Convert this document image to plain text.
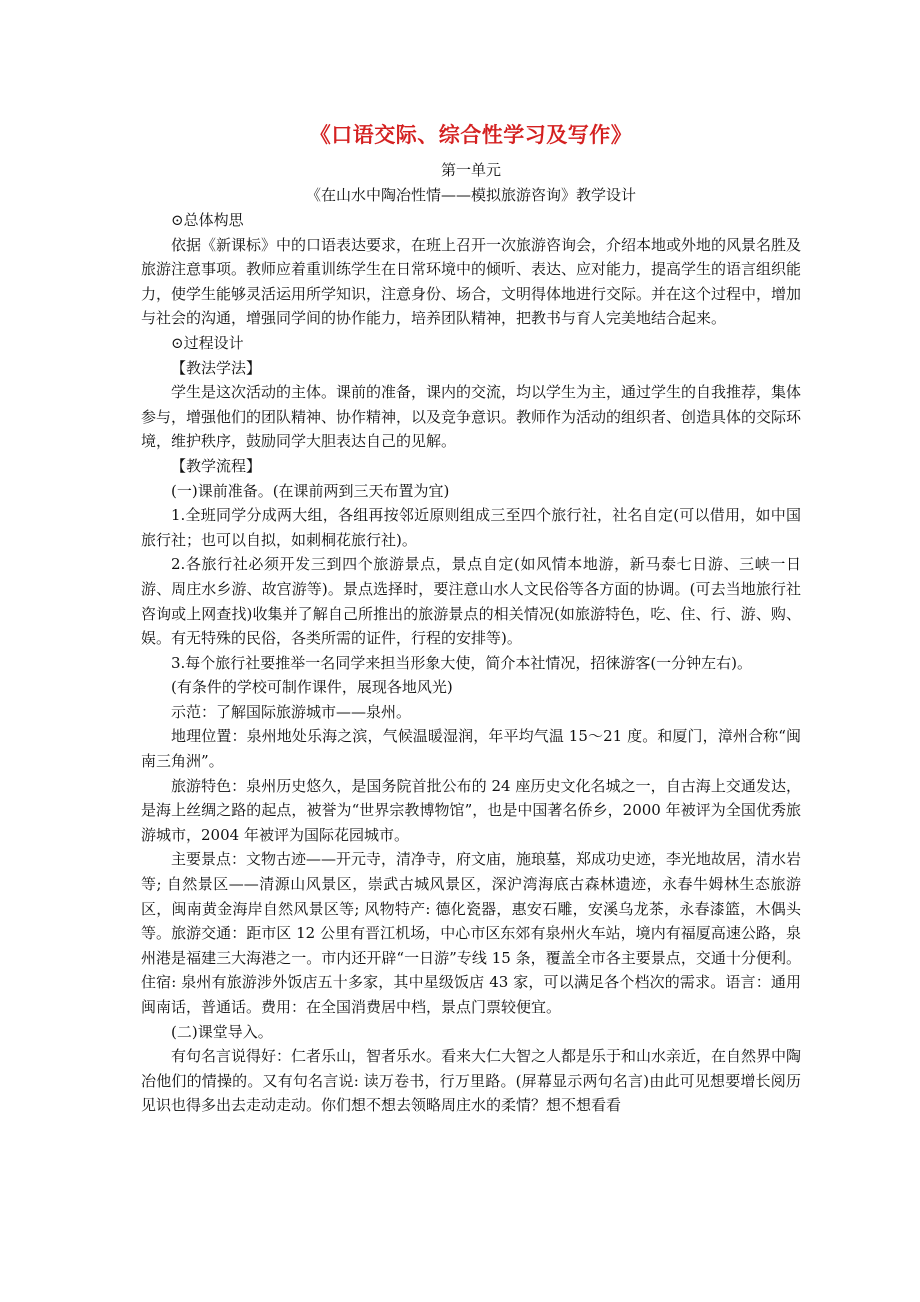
《口语交际、综合性学习及写作》

第一单元

《在山水中陶冶性情——模拟旅游咨询》教学设计

⊙总体构思

依据《新课标》中的口语表达要求，在班上召开一次旅游咨询会，介绍本地或外地的风景名胜及旅游注意事项。教师应着重训练学生在日常环境中的倾听、表达、应对能力，提高学生的语言组织能力，使学生能够灵活运用所学知识，注意身份、场合，文明得体地进行交际。并在这个过程中，增加与社会的沟通，增强同学间的协作能力，培养团队精神，把教书与育人完美地结合起来。

⊙过程设计

【教法学法】

学生是这次活动的主体。课前的准备，课内的交流，均以学生为主，通过学生的自我推荐，集体参与，增强他们的团队精神、协作精神，以及竞争意识。教师作为活动的组织者、创造具体的交际环境，维护秩序，鼓励同学大胆表达自己的见解。

【教学流程】

(一)课前准备。(在课前两到三天布置为宜)

1.全班同学分成两大组，各组再按邻近原则组成三至四个旅行社，社名自定(可以借用，如中国旅行社；也可以自拟，如刺桐花旅行社)。

2.各旅行社必须开发三到四个旅游景点，景点自定(如风情本地游，新马泰七日游、三峡一日游、周庄水乡游、故宫游等)。景点选择时，要注意山水人文民俗等各方面的协调。(可去当地旅行社咨询或上网查找)收集并了解自己所推出的旅游景点的相关情况(如旅游特色，吃、住、行、游、购、娱。有无特殊的民俗，各类所需的证件，行程的安排等)。

3.每个旅行社要推举一名同学来担当形象大使，简介本社情况，招徕游客(一分钟左右)。

(有条件的学校可制作课件，展现各地风光)

示范：了解国际旅游城市——泉州。

地理位置：泉州地处乐海之滨，气候温暖湿润，年平均气温 15～21 度。和厦门，漳州合称“闽南三角洲”。

旅游特色：泉州历史悠久，是国务院首批公布的 24 座历史文化名城之一，自古海上交通发达，是海上丝绸之路的起点，被誉为“世界宗教博物馆”，也是中国著名侨乡，2000 年被评为全国优秀旅游城市，2004 年被评为国际花园城市。

主要景点：文物古迹——开元寺，清净寺，府文庙，施琅墓，郑成功史迹，李光地故居，清水岩等; 自然景区——清源山风景区，崇武古城风景区，深沪湾海底古森林遗迹，永春牛姆林生态旅游区，闽南黄金海岸自然风景区等; 风物特产: 德化瓷器，惠安石雕，安溪乌龙茶，永春漆篮，木偶头等。旅游交通：距市区 12 公里有晋江机场，中心市区东郊有泉州火车站，境内有福厦高速公路，泉州港是福建三大海港之一。市内还开辟“一日游”专线 15 条，覆盖全市各主要景点，交通十分便利。住宿: 泉州有旅游涉外饭店五十多家，其中星级饭店 43 家，可以满足各个档次的需求。语言：通用闽南话，普通话。费用：在全国消费居中档，景点门票较便宜。

(二)课堂导入。

有句名言说得好：仁者乐山，智者乐水。看来大仁大智之人都是乐于和山水亲近，在自然界中陶冶他们的情操的。又有句名言说: 读万卷书，行万里路。(屏幕显示两句名言)由此可见想要增长阅历见识也得多出去走动走动。你们想不想去领略周庄水的柔情？想不想看看
